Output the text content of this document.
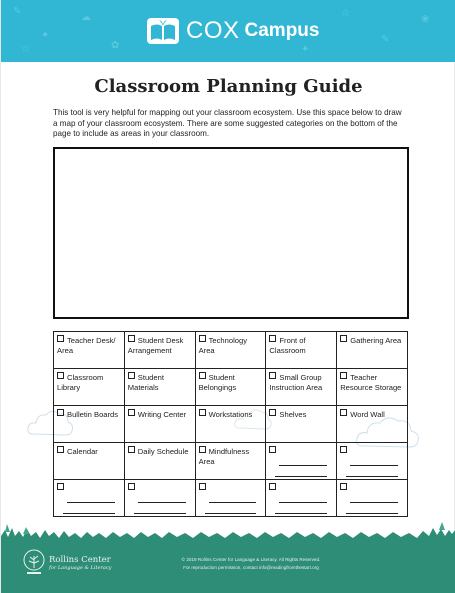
✎
✦
☁
✿
☆
✎
❀
☆	✦
COX Campus
Classroom Planning Guide
This tool is very helpful for mapping out your classroom ecosystem. Use this space below to draw a map of your classroom ecosystem. There are some suggested categories on the bottom of the page to include as areas in your classroom.
Teacher Desk/ Area	Student Desk Arrangement	Technology Area	Front of Classroom	Gathering Area
Classroom Library	Student Materials	Student Belongings	Small Group Instruction Area	Teacher Resource Storage
Bulletin Boards	Writing Center	Workstations	Shelves	Word Wall
Calendar	Daily Schedule	Mindfulness Area	

Rollins Center
for Language & Literacy
© 2019 Rollins Center for Language & Literacy. All Rights Reserved.
For reproduction permission, contact info@readingfromthestart.org
